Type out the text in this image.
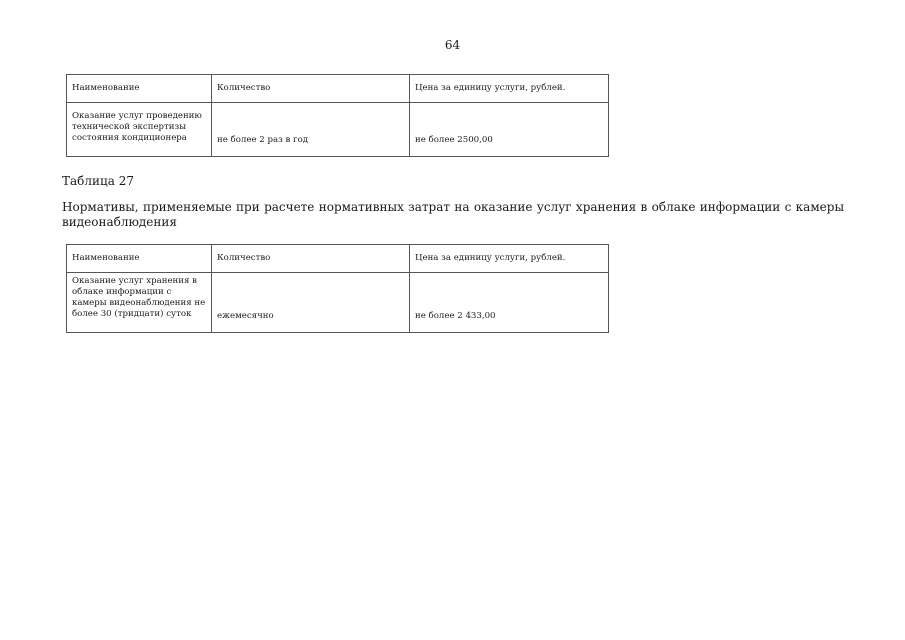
64
Наименование	Количество	Цена за единицу услуги, рублей.
Оказание услуг проведению технической экспертизы состояния кондиционера	не более 2 раз в год	не более 2500,00
Таблица 27
Нормативы, применяемые при расчете нормативных затрат на оказание услуг хранения в облаке информации с камеры видеонаблюдения
Наименование	Количество	Цена за единицу услуги, рублей.
Оказание услуг хранения в облаке информации с камеры видеонаблюдения не более 30 (тридцати) суток	ежемесячно	не более 2 433,00
